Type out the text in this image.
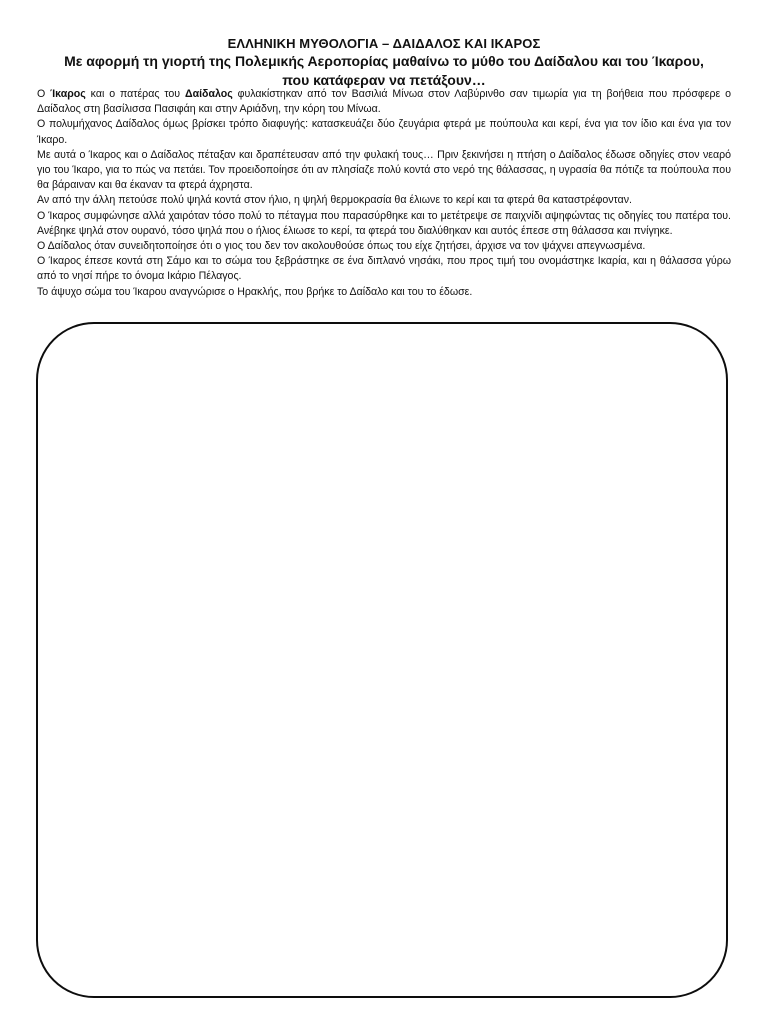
ΕΛΛΗΝΙΚΗ ΜΥΘΟΛΟΓΙΑ – ΔΑΙΔΑΛΟΣ ΚΑΙ ΙΚΑΡΟΣ
Με αφορμή τη γιορτή της Πολεμικής Αεροπορίας μαθαίνω το μύθο του Δαίδαλου και του Ίκαρου,
που κατάφεραν να πετάξουν…

Ο Ίκαρος και ο πατέρας του Δαίδαλος φυλακίστηκαν από τον Βασιλιά Μίνωα στον Λαβύρινθο σαν τιμωρία για τη βοήθεια που πρόσφερε ο Δαίδαλος στη βασίλισσα Πασιφάη και στην Αριάδνη, την κόρη του Μίνωα.

Ο πολυμήχανος Δαίδαλος όμως βρίσκει τρόπο διαφυγής: κατασκευάζει δύο ζευγάρια φτερά με πούπουλα και κερί, ένα για τον ίδιο και ένα για τον Ίκαρο.

Με αυτά ο Ίκαρος και ο Δαίδαλος πέταξαν και δραπέτευσαν από την φυλακή τους… Πριν ξεκινήσει η πτήση ο Δαίδαλος έδωσε οδηγίες στον νεαρό γιο του Ίκαρο, για το πώς να πετάει. Τον προειδοποίησε ότι αν πλησίαζε πολύ κοντά στο νερό της θάλασσας, η υγρασία θα πότιζε τα πούπουλα που θα βάραιναν και θα έκαναν τα φτερά άχρηστα.

Αν από την άλλη πετούσε πολύ ψηλά κοντά στον ήλιο, η ψηλή θερμοκρασία θα έλιωνε το κερί και τα φτερά θα καταστρέφονταν.

Ο Ίκαρος συμφώνησε αλλά χαιρόταν τόσο πολύ το πέταγμα που παρασύρθηκε και το μετέτρεψε σε παιχνίδι αψηφώντας τις οδηγίες του πατέρα του. Ανέβηκε ψηλά στον ουρανό, τόσο ψηλά που ο ήλιος έλιωσε το κερί, τα φτερά του διαλύθηκαν και αυτός έπεσε στη θάλασσα και πνίγηκε.

Ο Δαίδαλος όταν συνειδητοποίησε ότι ο γιος του δεν τον ακολουθούσε όπως του είχε ζητήσει, άρχισε να τον ψάχνει απεγνωσμένα.

Ο Ίκαρος έπεσε κοντά στη Σάμο και το σώμα του ξεβράστηκε σε ένα διπλανό νησάκι, που προς τιμή του ονομάστηκε Ικαρία, και η θάλασσα γύρω από το νησί πήρε το όνομα Ικάριο Πέλαγος.

Το άψυχο σώμα του Ίκαρου αναγνώρισε ο Ηρακλής, που βρήκε το Δαίδαλο και του το έδωσε.
